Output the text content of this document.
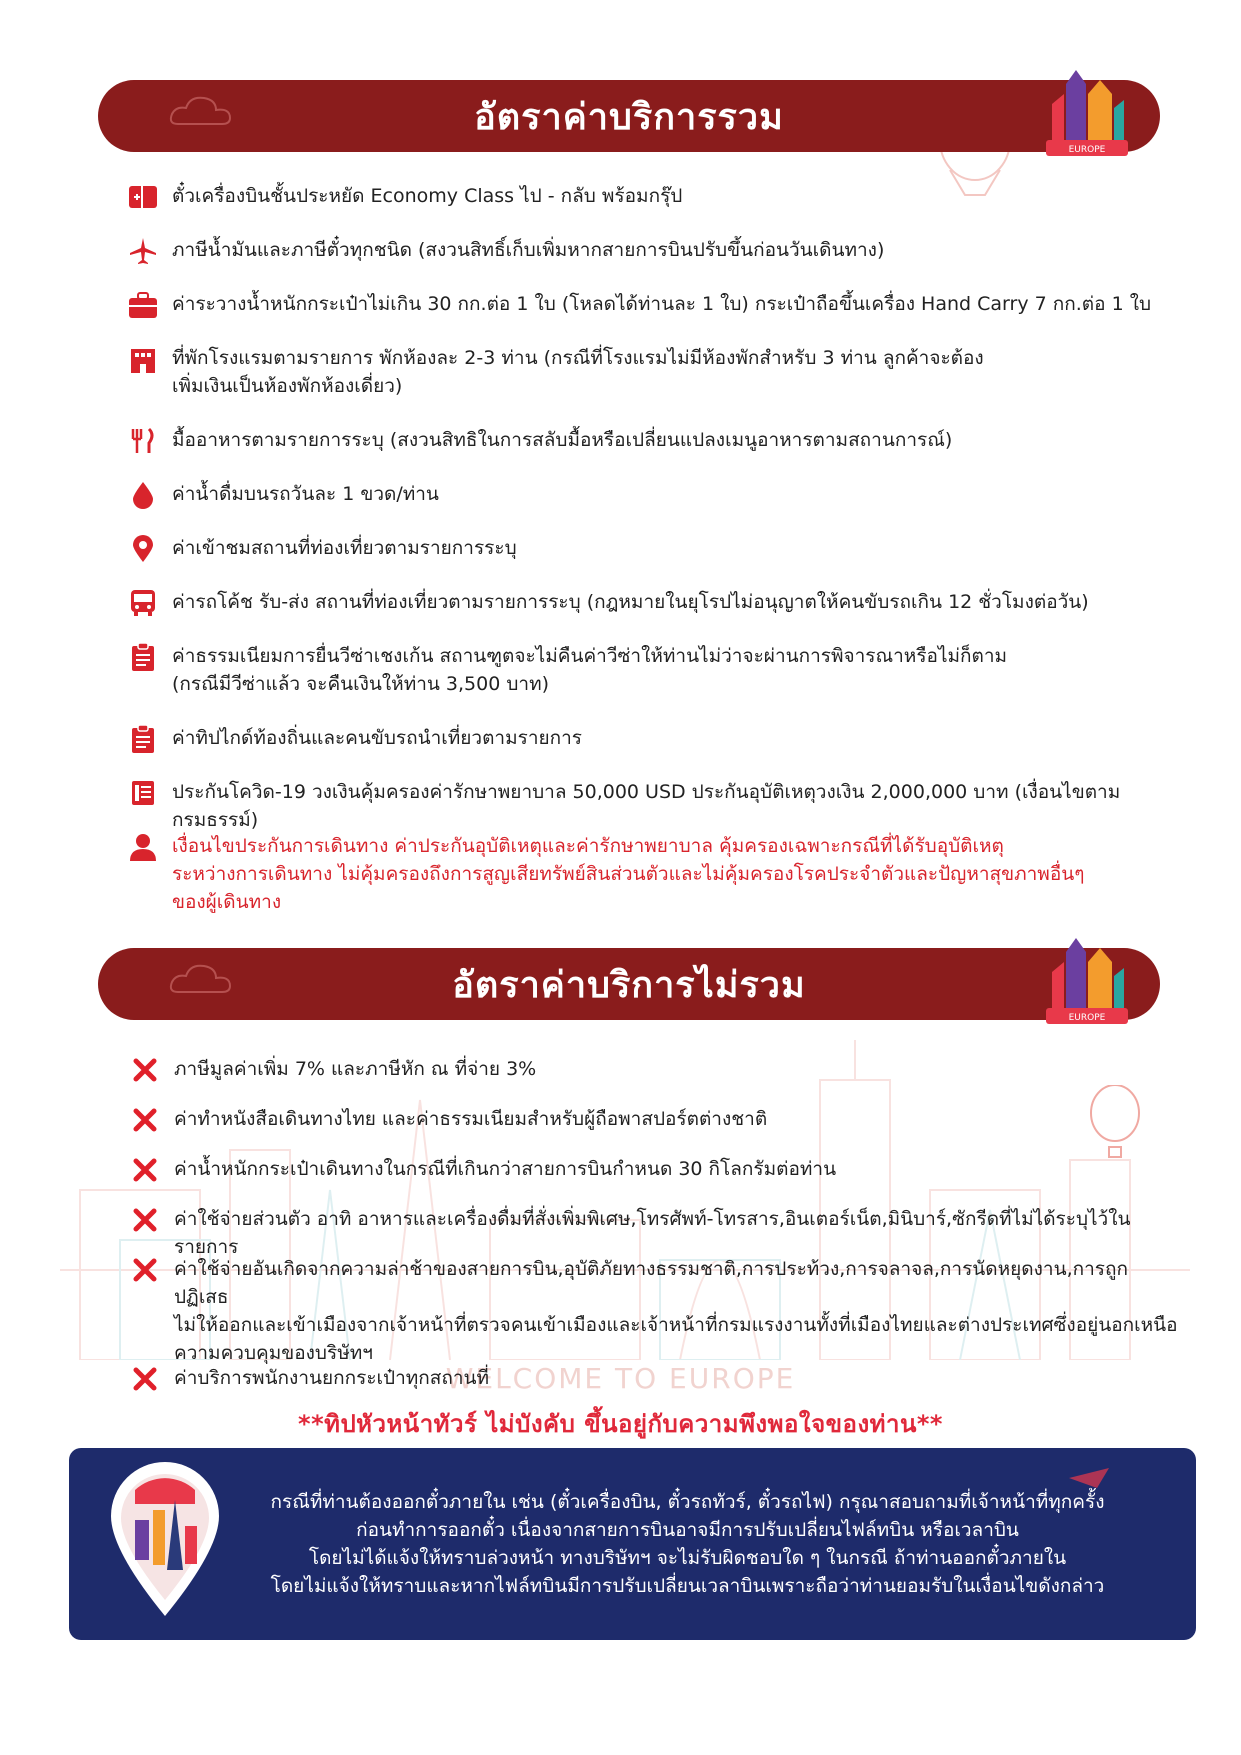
อัตราค่าบริการรวม
EUROPE
ตั๋วเครื่องบินชั้นประหยัด Economy Class ไป - กลับ พร้อมกรุ๊ป
ภาษีน้ำมันและภาษีตั๋วทุกชนิด (สงวนสิทธิ์เก็บเพิ่มหากสายการบินปรับขึ้นก่อนวันเดินทาง)
ค่าระวางน้ำหนักกระเป๋าไม่เกิน 30 กก.ต่อ 1 ใบ (โหลดได้ท่านละ 1 ใบ) กระเป๋าถือขึ้นเครื่อง Hand Carry 7 กก.ต่อ 1 ใบ
ที่พักโรงแรมตามรายการ พักห้องละ 2-3 ท่าน (กรณีที่โรงแรมไม่มีห้องพักสำหรับ 3 ท่าน ลูกค้าจะต้อง
เพิ่มเงินเป็นห้องพักห้องเดี่ยว)
มื้ออาหารตามรายการระบุ (สงวนสิทธิในการสลับมื้อหรือเปลี่ยนแปลงเมนูอาหารตามสถานการณ์)
ค่าน้ำดื่มบนรถวันละ 1 ขวด/ท่าน
ค่าเข้าชมสถานที่ท่องเที่ยวตามรายการระบุ
ค่ารถโค้ช รับ-ส่ง สถานที่ท่องเที่ยวตามรายการระบุ (กฎหมายในยุโรปไม่อนุญาตให้คนขับรถเกิน 12 ชั่วโมงต่อวัน)
ค่าธรรมเนียมการยื่นวีซ่าเชงเก้น สถานฑูตจะไม่คืนค่าวีซ่าให้ท่านไม่ว่าจะผ่านการพิจารณาหรือไม่ก็ตาม
(กรณีมีวีซ่าแล้ว จะคืนเงินให้ท่าน 3,500 บาท)
ค่าทิปไกด์ท้องถิ่นและคนขับรถนำเที่ยวตามรายการ
ประกันโควิด-19 วงเงินคุ้มครองค่ารักษาพยาบาล 50,000 USD ประกันอุบัติเหตุวงเงิน 2,000,000 บาท (เงื่อนไขตามกรมธรรม์)
เงื่อนไขประกันการเดินทาง ค่าประกันอุบัติเหตุและค่ารักษาพยาบาล คุ้มครองเฉพาะกรณีที่ได้รับอุบัติเหตุ
ระหว่างการเดินทาง ไม่คุ้มครองถึงการสูญเสียทรัพย์สินส่วนตัวและไม่คุ้มครองโรคประจำตัวและปัญหาสุขภาพอื่นๆ
ของผู้เดินทาง
อัตราค่าบริการไม่รวม
EUROPE
ภาษีมูลค่าเพิ่ม 7% และภาษีหัก ณ ที่จ่าย 3%
ค่าทำหนังสือเดินทางไทย และค่าธรรมเนียมสำหรับผู้ถือพาสปอร์ตต่างชาติ
ค่าน้ำหนักกระเป๋าเดินทางในกรณีที่เกินกว่าสายการบินกำหนด 30 กิโลกรัมต่อท่าน
ค่าใช้จ่ายส่วนตัว อาทิ อาหารและเครื่องดื่มที่สั่งเพิ่มพิเศษ,โทรศัพท์-โทรสาร,อินเตอร์เน็ต,มินิบาร์,ซักรีดที่ไม่ได้ระบุไว้ในรายการ
ค่าใช้จ่ายอันเกิดจากความล่าช้าของสายการบิน,อุบัติภัยทางธรรมชาติ,การประท้วง,การจลาจล,การนัดหยุดงาน,การถูกปฏิเสธ
ไม่ให้ออกและเข้าเมืองจากเจ้าหน้าที่ตรวจคนเข้าเมืองและเจ้าหน้าที่กรมแรงงานทั้งที่เมืองไทยและต่างประเทศซึ่งอยู่นอกเหนือ
ความควบคุมของบริษัทฯ
WELCOME TO EUROPE
ค่าบริการพนักงานยกกระเป๋าทุกสถานที่
**ทิปหัวหน้าทัวร์ ไม่บังคับ ขึ้นอยู่กับความพึงพอใจของท่าน**
กรณีที่ท่านต้องออกตั๋วภายใน เช่น (ตั๋วเครื่องบิน, ตั๋วรถทัวร์, ตั๋วรถไฟ) กรุณาสอบถามที่เจ้าหน้าที่ทุกครั้ง
ก่อนทำการออกตั๋ว เนื่องจากสายการบินอาจมีการปรับเปลี่ยนไฟล์ทบิน หรือเวลาบิน
โดยไม่ได้แจ้งให้ทราบล่วงหน้า ทางบริษัทฯ จะไม่รับผิดชอบใด ๆ ในกรณี ถ้าท่านออกตั๋วภายใน
โดยไม่แจ้งให้ทราบและหากไฟล์ทบินมีการปรับเปลี่ยนเวลาบินเพราะถือว่าท่านยอมรับในเงื่อนไขดังกล่าว
